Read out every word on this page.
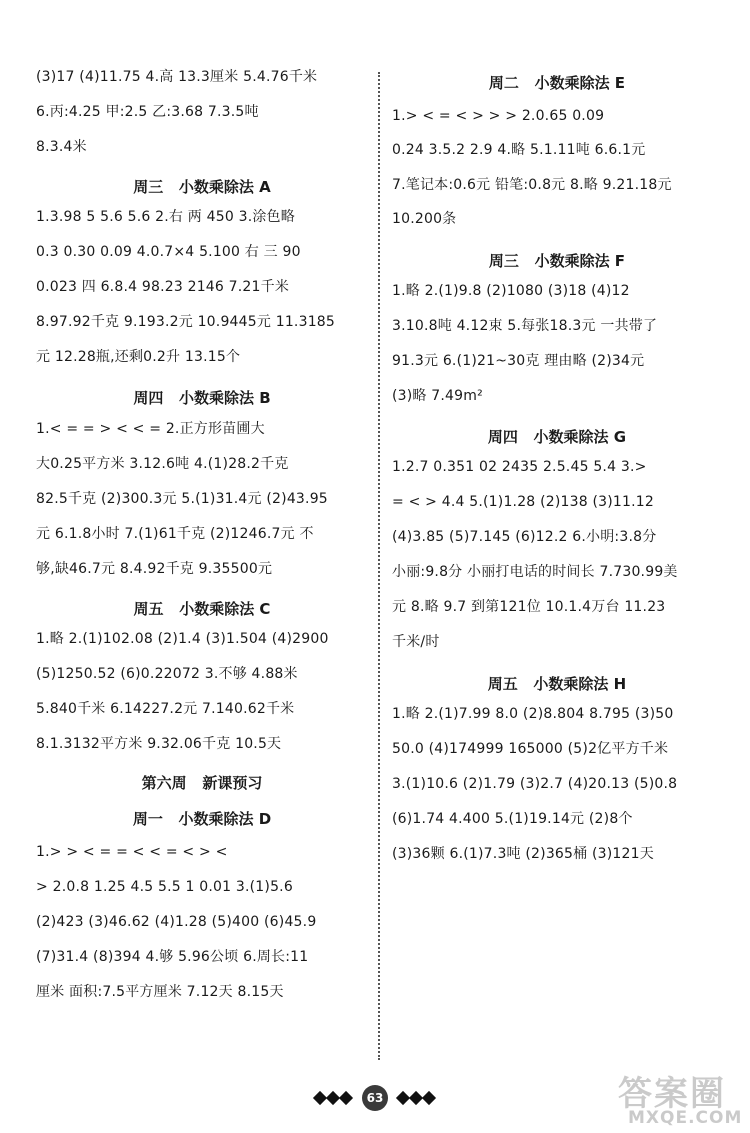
(3)17 (4)11.75 4.高 13.3厘米 5.4.76千米
6.丙:4.25 甲:2.5 乙:3.68 7.3.5吨
8.3.4米
周三   小数乘除法 A
1.3.98 5 5.6 5.6 2.右 两 450 3.涂色略
0.3 0.30 0.09 4.0.7×4 5.100 右 三 90
0.023 四 6.8.4 98.23 2146 7.21千米
8.97.92千克 9.193.2元 10.9445元 11.3185
元 12.28瓶,还剩0.2升 13.15个
周四   小数乘除法 B
1.< = = > < < = 2.正方形苗圃大
大0.25平方米 3.12.6吨 4.(1)28.2千克
82.5千克 (2)300.3元 5.(1)31.4元 (2)43.95
元 6.1.8小时 7.(1)61千克 (2)1246.7元 不
够,缺46.7元 8.4.92千克 9.35500元
周五   小数乘除法 C
1.略 2.(1)102.08 (2)1.4 (3)1.504 (4)2900
(5)1250.52 (6)0.22072 3.不够 4.88米
5.840千米 6.14227.2元 7.140.62千米
8.1.3132平方米 9.32.06千克 10.5天
第六周   新课预习
周一   小数乘除法 D
1.> > < = = < < = < > <
> 2.0.8 1.25 4.5 5.5 1 0.01 3.(1)5.6
(2)423 (3)46.62 (4)1.28 (5)400 (6)45.9
(7)31.4 (8)394 4.够 5.96公顷 6.周长:11
厘米 面积:7.5平方厘米 7.12天 8.15天
周二   小数乘除法 E
1.> < = < > > > 2.0.65 0.09
0.24 3.5.2 2.9 4.略 5.1.11吨 6.6.1元
7.笔记本:0.6元 铅笔:0.8元 8.略 9.21.18元
10.200条
周三   小数乘除法 F
1.略 2.(1)9.8 (2)1080 (3)18 (4)12
3.10.8吨 4.12束 5.每张18.3元 一共带了
91.3元 6.(1)21~30克 理由略 (2)34元
(3)略 7.49m²
周四   小数乘除法 G
1.2.7 0.351 02 2435 2.5.45 5.4 3.>
= < > 4.4 5.(1)1.28 (2)138 (3)11.12
(4)3.85 (5)7.145 (6)12.2 6.小明:3.8分
小丽:9.8分 小丽打电话的时间长 7.730.99美
元 8.略 9.7 到第121位 10.1.4万台 11.23
千米/时
周五   小数乘除法 H
1.略 2.(1)7.99 8.0 (2)8.804 8.795 (3)50
50.0 (4)174999 165000 (5)2亿平方千米
3.(1)10.6 (2)1.79 (3)2.7 (4)20.13 (5)0.8
(6)1.74 4.400 5.(1)19.14元 (2)8个
(3)36颗 6.(1)7.3吨 (2)365桶 (3)121天
63	答案圈
MXQE.COM
